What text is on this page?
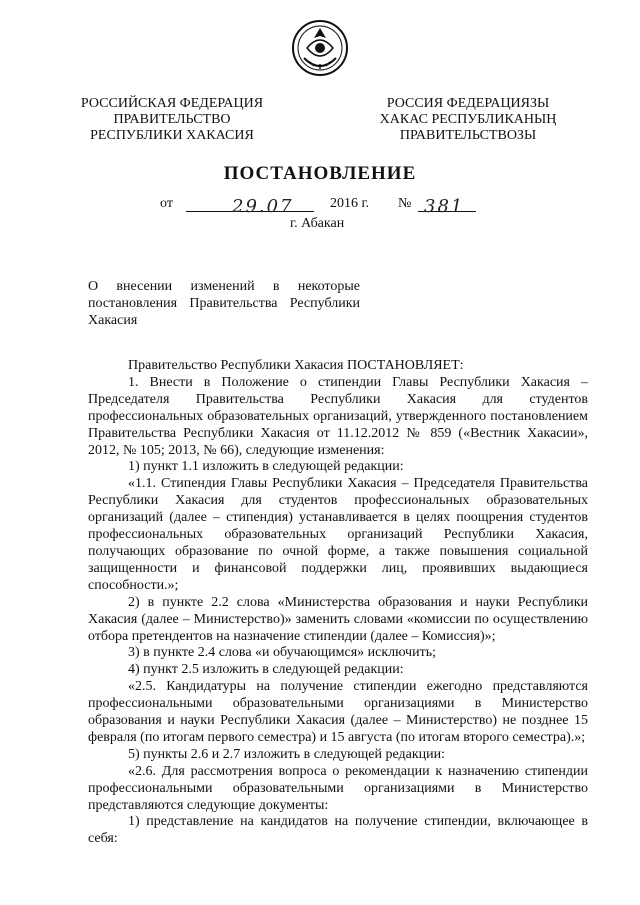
РОССИЙСКАЯ ФЕДЕРАЦИЯ
ПРАВИТЕЛЬСТВО
РЕСПУБЛИКИ ХАКАСИЯ
РОССИЯ ФЕДЕРАЦИЯЗЫ
ХАКАС РЕСПУБЛИКАНЫҢ
ПРАВИТЕЛЬСТВОЗЫ
ПОСТАНОВЛЕНИЕ
от	29.07	2016 г. № 381
г. Абакан
О внесении изменений в некоторые
постановления Правительства Республики
Хакасия

Правительство Республики Хакасия ПОСТАНОВЛЯЕТ:

1. Внести в Положение о стипендии Главы Республики Хакасия – Председателя Правительства Республики Хакасия для студентов профессиональных образовательных организаций, утвержденного постановлением Правительства Республики Хакасия от 11.12.2012 № 859 («Вестник Хакасии», 2012, № 105; 2013, № 66), следующие изменения:

1) пункт 1.1 изложить в следующей редакции:

«1.1. Стипендия Главы Республики Хакасия – Председателя Правительства Республики Хакасия для студентов профессиональных образовательных организаций (далее – стипендия) устанавливается в целях поощрения студентов профессиональных образовательных организаций Республики Хакасия, получающих образование по очной форме, а также повышения социальной защищенности и финансовой поддержки лиц, проявивших выдающиеся способности.»;

2) в пункте 2.2 слова «Министерства образования и науки Республики Хакасия (далее – Министерство)» заменить словами «комиссии по осуществлению отбора претендентов на назначение стипендии (далее – Комиссия)»;

3) в пункте 2.4 слова «и обучающимся» исключить;

4) пункт 2.5 изложить в следующей редакции:

«2.5. Кандидатуры на получение стипендии ежегодно представляются профессиональными образовательными организациями в Министерство образования и науки Республики Хакасия (далее – Министерство) не позднее 15 февраля (по итогам первого семестра) и 15 августа (по итогам второго семестра).»;

5) пункты 2.6 и 2.7 изложить в следующей редакции:

«2.6. Для рассмотрения вопроса о рекомендации к назначению стипендии профессиональными образовательными организациями в Министерство представляются следующие документы:

1) представление на кандидатов на получение стипендии, включающее в себя:
